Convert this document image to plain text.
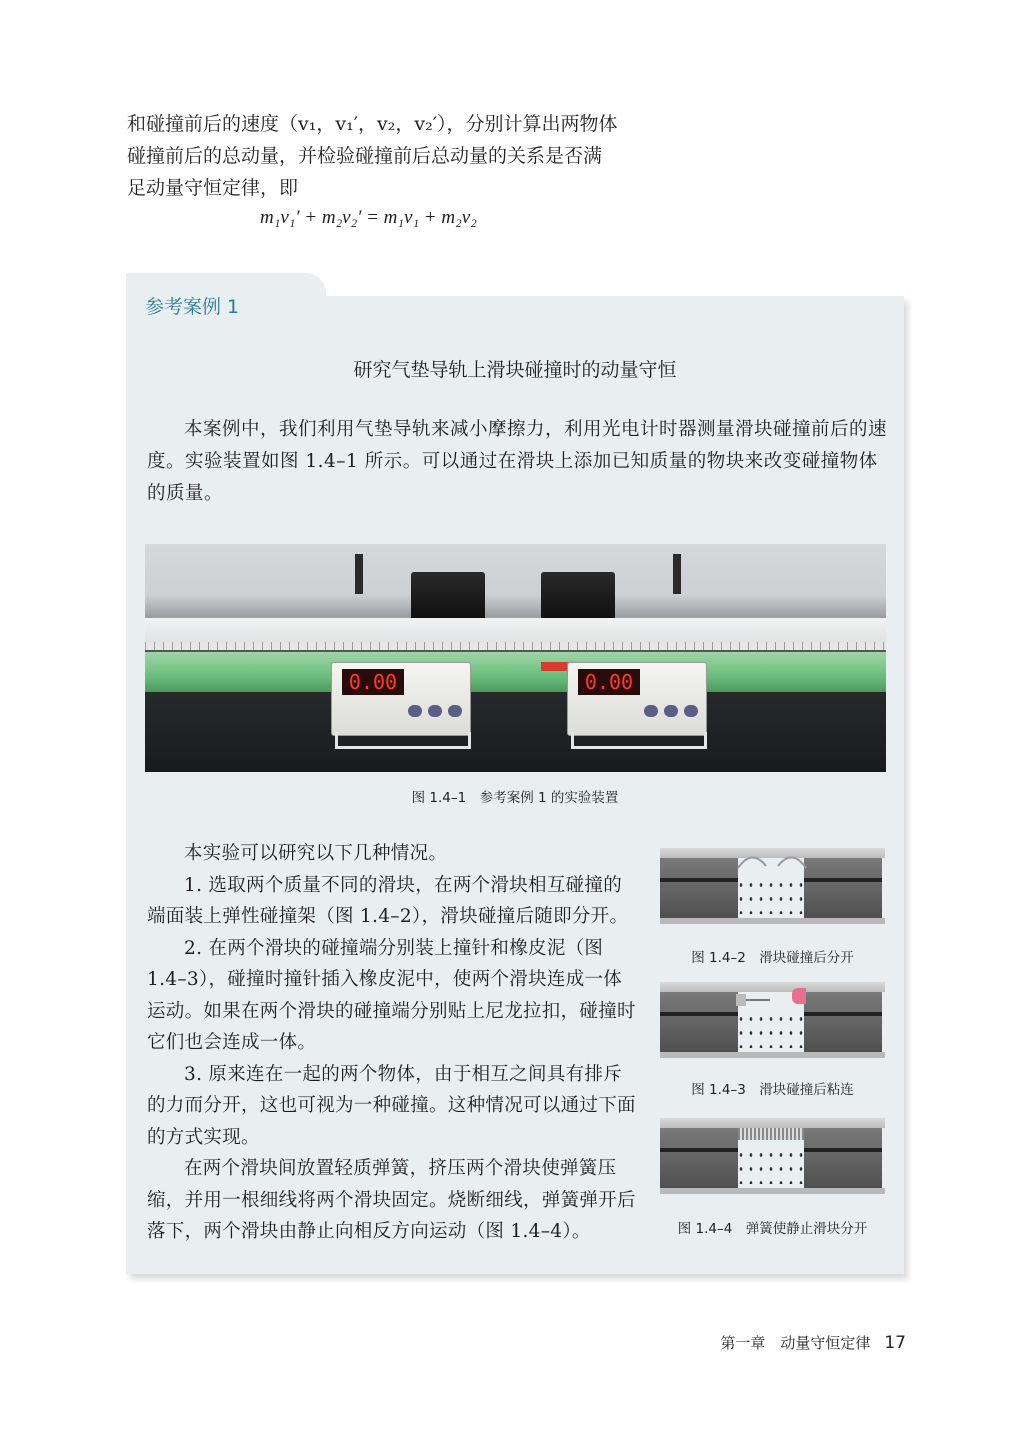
和碰撞前后的速度（v₁，v₁′，v₂，v₂′），分别计算出两物体

碰撞前后的总动量，并检验碰撞前后总动量的关系是否满

足动量守恒定律，即

m₁v₁′ + m₂v₂′ = m₁v₁ + m₂v₂
参考案例 1
研究气垫导轨上滑块碰撞时的动量守恒

本案例中，我们利用气垫导轨来减小摩擦力，利用光电计时器测量滑块碰撞前后的速度。实验装置如图 1.4–1 所示。可以通过在滑块上添加已知质量的物块来改变碰撞物体的质量。

0.00	0.00
图 1.4–1　参考案例 1 的实验装置

本实验可以研究以下几种情况。

1. 选取两个质量不同的滑块，在两个滑块相互碰撞的端面装上弹性碰撞架（图 1.4–2），滑块碰撞后随即分开。

2. 在两个滑块的碰撞端分别装上撞针和橡皮泥（图 1.4–3），碰撞时撞针插入橡皮泥中，使两个滑块连成一体运动。如果在两个滑块的碰撞端分别贴上尼龙拉扣，碰撞时它们也会连成一体。

3. 原来连在一起的两个物体，由于相互之间具有排斥的力而分开，这也可视为一种碰撞。这种情况可以通过下面的方式实现。

在两个滑块间放置轻质弹簧，挤压两个滑块使弹簧压缩，并用一根细线将两个滑块固定。烧断细线，弹簧弹开后落下，两个滑块由静止向相反方向运动（图 1.4–4）。

图 1.4–2　滑块碰撞后分开
图 1.4–3　滑块碰撞后粘连
图 1.4–4　弹簧使静止滑块分开
第一章　动量守恒定律 17
